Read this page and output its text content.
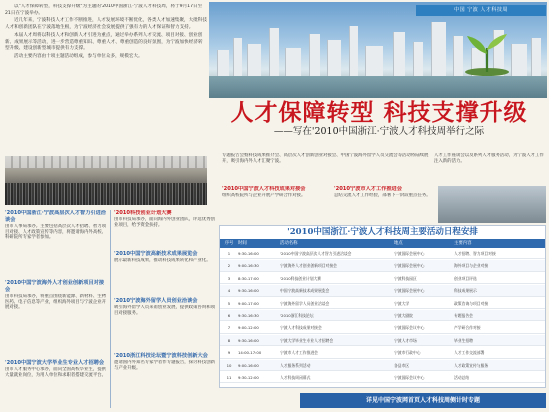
以"人才保障转型，科技支撑升级"为主题的'2010中国浙江·宁波人才科技周，将于9月17日至21日在宁波举办。

近几年来，宁波科技人才工作不断推进，人才发展环境不断优化，各类人才加速集聚，大批科技人才和创新团队在宁波落地生根，为宁波经济社会发展提供了强有力的人才保证和智力支持。

本届人才周将以科技人才和创新人才引进为重点，通过举办系列人才交流、项目对接、创业创新、成果展示等活动，进一步营造尊重知识、尊重人才、尊重创造的良好氛围，为宁波加快经济转型升级、建设创新型城市提供有力支撑。

活动主要内容由十项主题活动组成，参与单位众多，规模宏大。

中国 宁波 人才科技周
人才保障转型 科技支撑升级
——写在'2010中国浙江·宁波人才科技周举行之际
专题报告会暨科技成果推介会、高层次人才创新创业对接会、中国宁波海外留学人员交流会等活动将陆续展开，吸引海内外人才汇聚宁波。
人才工作座谈会以及系列人才服务活动，为宁波人才工作注入新的活力。
'2010中国浙江·宁波高层次人才智力引进洽谈会
由市人事局承办。主要包括高层次人才招聘、智力项目对接、人才政策宣传等内容，将邀请海内外高校、科研院所专家学者参加。
'2010中国宁波海外人才创业创新项目对接会
由市科技局承办，将重点围绕新能源、新材料、生物医药、电子信息等产业，组织海外项目与宁波企业开展对接。
'2010中国宁波大学毕业生专业人才招聘会
由市人才服务中心承办，面向全国高校毕业生，提供大量就业岗位，为用人单位和求职者搭建交流平台。
'2010科技创业计划大赛
由市科技局承办，面向海内外创业团队，评选优秀创业项目，给予资金扶持。
'2010中国宁波高新技术成果展览会
展示最新科技成果，推动科技成果转化和产业化。
'2010宁波海外留学人员创业洽谈会
吸引海外留学人员来甬创业发展，提供政策咨询和项目对接服务。
'2010浙江科技论坛暨宁波科技创新大会
邀请国内外知名专家学者作专题报告，探讨科技创新与产业升级。
'2010中国宁波人才科技成果对接会
组织高校院所与企业开展产学研合作对接。
'2010宁波市人才工作推进会
总结交流人才工作经验，部署下一阶段重点任务。
'2010中国浙江·宁波人才科技周主要活动日程安排
序号	时间	活动名称	地点	主要内容
1	9:30-16:00	'2010中国宁波高层次人才智力引进洽谈会	宁波国际会展中心	人才招聘、智力项目对接
2	9:00-16:30	宁波海外人才创业创新项目对接会	宁波国际会展中心	海外项目与企业对接
3	8:30-17:00	'2010科技创业计划大赛	宁波科技园区	创业项目评选
4	9:30-16:00	中国宁波高新技术成果展览会	宁波国际会展中心	科技成果展示
5	9:00-17:00	宁波海外留学人员创业洽谈会	宁波大学	政策咨询与项目对接
6	9:30-16:30	'2010浙江科技论坛	宁波大剧院	专题报告会
7	9:00-12:00	宁波人才科技成果对接会	宁波国际会议中心	产学研合作对接
8	9:30-16:00	宁波大学毕业生专业人才招聘会	宁波人才市场	毕业生招聘
9	14:00-17:00	宁波市人才工作推进会	宁波市行政中心	人才工作交流部署
10	9:00-16:00	人才服务系列活动	各县市区	人才政策宣传与服务
11	9:30-12:00	人才科技周闭幕式	宁波国际会议中心	活动总结
详见中国宁波网首页人才科技周侧计时专题
